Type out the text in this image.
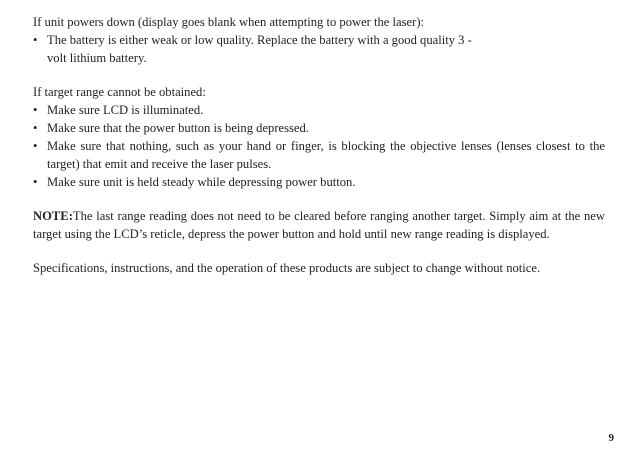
If unit powers down (display goes blank when attempting to power the laser):

• The battery is either weak or low quality. Replace the battery with a good quality 3 -volt lithium battery.

If target range cannot be obtained:

• Make sure LCD is illuminated.
• Make sure that the power button is being depressed.
• Make sure that nothing, such as your hand or finger, is blocking the objective lenses (lenses closest to the target) that emit and receive the laser pulses.
• Make sure unit is held steady while depressing power button.

NOTE:The last range reading does not need to be cleared before ranging another target. Simply aim at the new target using the LCD’s reticle, depress the power button and hold until new range reading is displayed.

Specifications, instructions, and the operation of these products are subject to change without notice.

9
